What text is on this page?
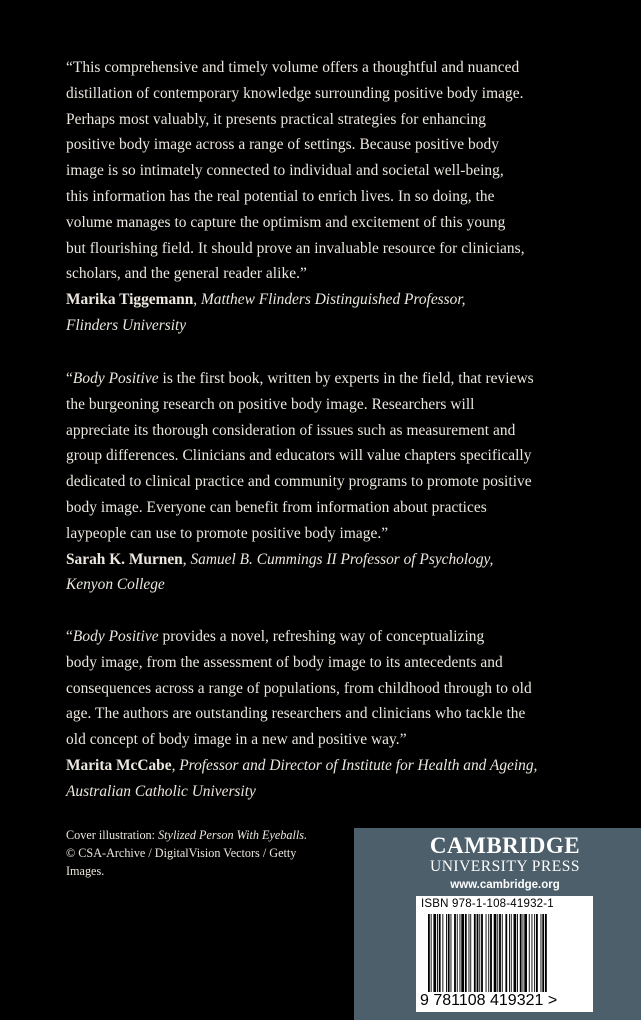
“This comprehensive and timely volume offers a thoughtful and nuanced
distillation of contemporary knowledge surrounding positive body image.
Perhaps most valuably, it presents practical strategies for enhancing
positive body image across a range of settings. Because positive body
image is so intimately connected to individual and societal well-being,
this information has the real potential to enrich lives. In so doing, the
volume manages to capture the optimism and excitement of this young
but flourishing field. It should prove an invaluable resource for clinicians,
scholars, and the general reader alike.”

Marika Tiggemann, Matthew Flinders Distinguished Professor,
Flinders University

“Body Positive is the first book, written by experts in the field, that reviews
the burgeoning research on positive body image. Researchers will
appreciate its thorough consideration of issues such as measurement and
group differences. Clinicians and educators will value chapters specifically
dedicated to clinical practice and community programs to promote positive
body image. Everyone can benefit from information about practices
laypeople can use to promote positive body image.”

Sarah K. Murnen, Samuel B. Cummings II Professor of Psychology,
Kenyon College

“Body Positive provides a novel, refreshing way of conceptualizing
body image, from the assessment of body image to its antecedents and
consequences across a range of populations, from childhood through to old
age. The authors are outstanding researchers and clinicians who tackle the
old concept of body image in a new and positive way.”

Marita McCabe, Professor and Director of Institute for Health and Ageing,
Australian Catholic University

Cover illustration: Stylized Person With Eyeballs.
© CSA-Archive / DigitalVision Vectors / Getty
Images.
CAMBRIDGE
UNIVERSITY PRESS
www.cambridge.org
ISBN 978-1-108-41932-1
9 781108 419321 >
